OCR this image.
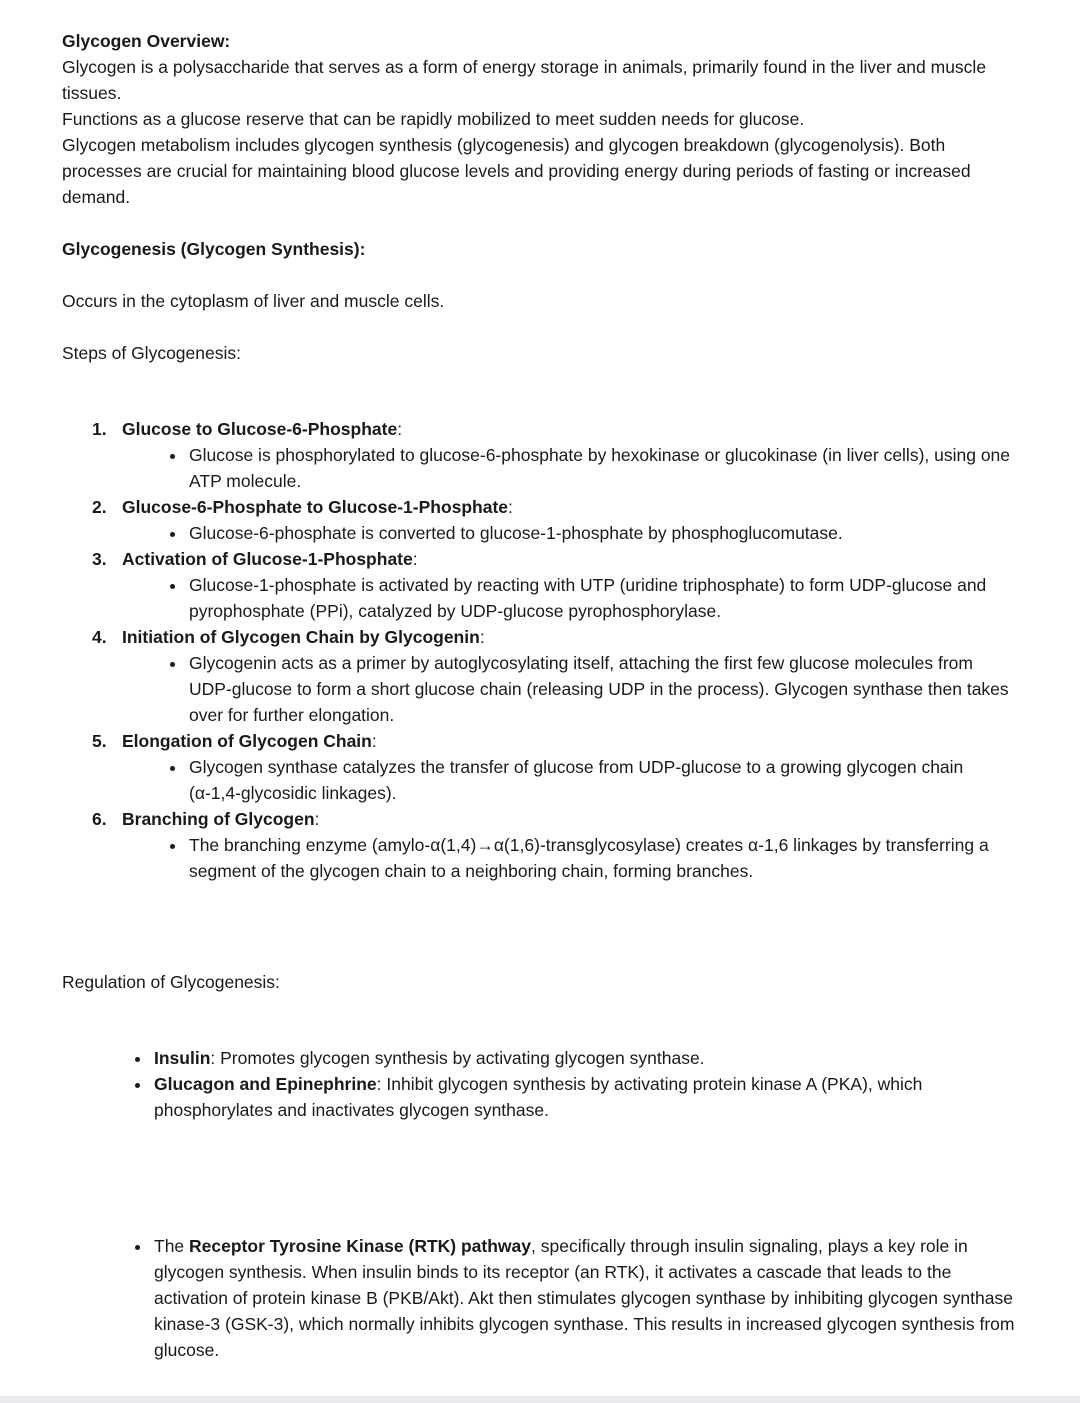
Glycogen Overview:

Glycogen is a polysaccharide that serves as a form of energy storage in animals, primarily found in the liver and muscle tissues.

Functions as a glucose reserve that can be rapidly mobilized to meet sudden needs for glucose.

Glycogen metabolism includes glycogen synthesis (glycogenesis) and glycogen breakdown (glycogenolysis). Both processes are crucial for maintaining blood glucose levels and providing energy during periods of fasting or increased demand.

Glycogenesis (Glycogen Synthesis):

Occurs in the cytoplasm of liver and muscle cells.

Steps of Glycogenesis:

1. Glucose to Glucose-6-Phosphate:
• Glucose is phosphorylated to glucose-6-phosphate by hexokinase or glucokinase (in liver cells), using one ATP molecule.
2. Glucose-6-Phosphate to Glucose-1-Phosphate:
• Glucose-6-phosphate is converted to glucose-1-phosphate by phosphoglucomutase.
3. Activation of Glucose-1-Phosphate:
• Glucose-1-phosphate is activated by reacting with UTP (uridine triphosphate) to form UDP-glucose and pyrophosphate (PPi), catalyzed by UDP-glucose pyrophosphorylase.
4. Initiation of Glycogen Chain by Glycogenin:
• Glycogenin acts as a primer by autoglycosylating itself, attaching the first few glucose molecules from UDP-glucose to form a short glucose chain (releasing UDP in the process). Glycogen synthase then takes over for further elongation.
5. Elongation of Glycogen Chain:
• Glycogen synthase catalyzes the transfer of glucose from UDP-glucose to a growing glycogen chain (α-1,4-glycosidic linkages).
6. Branching of Glycogen:
• The branching enzyme (amylo-α(1,4)→α(1,6)-transglycosylase) creates α-1,6 linkages by transferring a segment of the glycogen chain to a neighboring chain, forming branches.

Regulation of Glycogenesis:

• Insulin: Promotes glycogen synthesis by activating glycogen synthase.
• Glucagon and Epinephrine: Inhibit glycogen synthesis by activating protein kinase A (PKA), which phosphorylates and inactivates glycogen synthase.
• The Receptor Tyrosine Kinase (RTK) pathway, specifically through insulin signaling, plays a key role in glycogen synthesis. When insulin binds to its receptor (an RTK), it activates a cascade that leads to the activation of protein kinase B (PKB/Akt). Akt then stimulates glycogen synthase by inhibiting glycogen synthase kinase-3 (GSK-3), which normally inhibits glycogen synthase. This results in increased glycogen synthesis from glucose.
